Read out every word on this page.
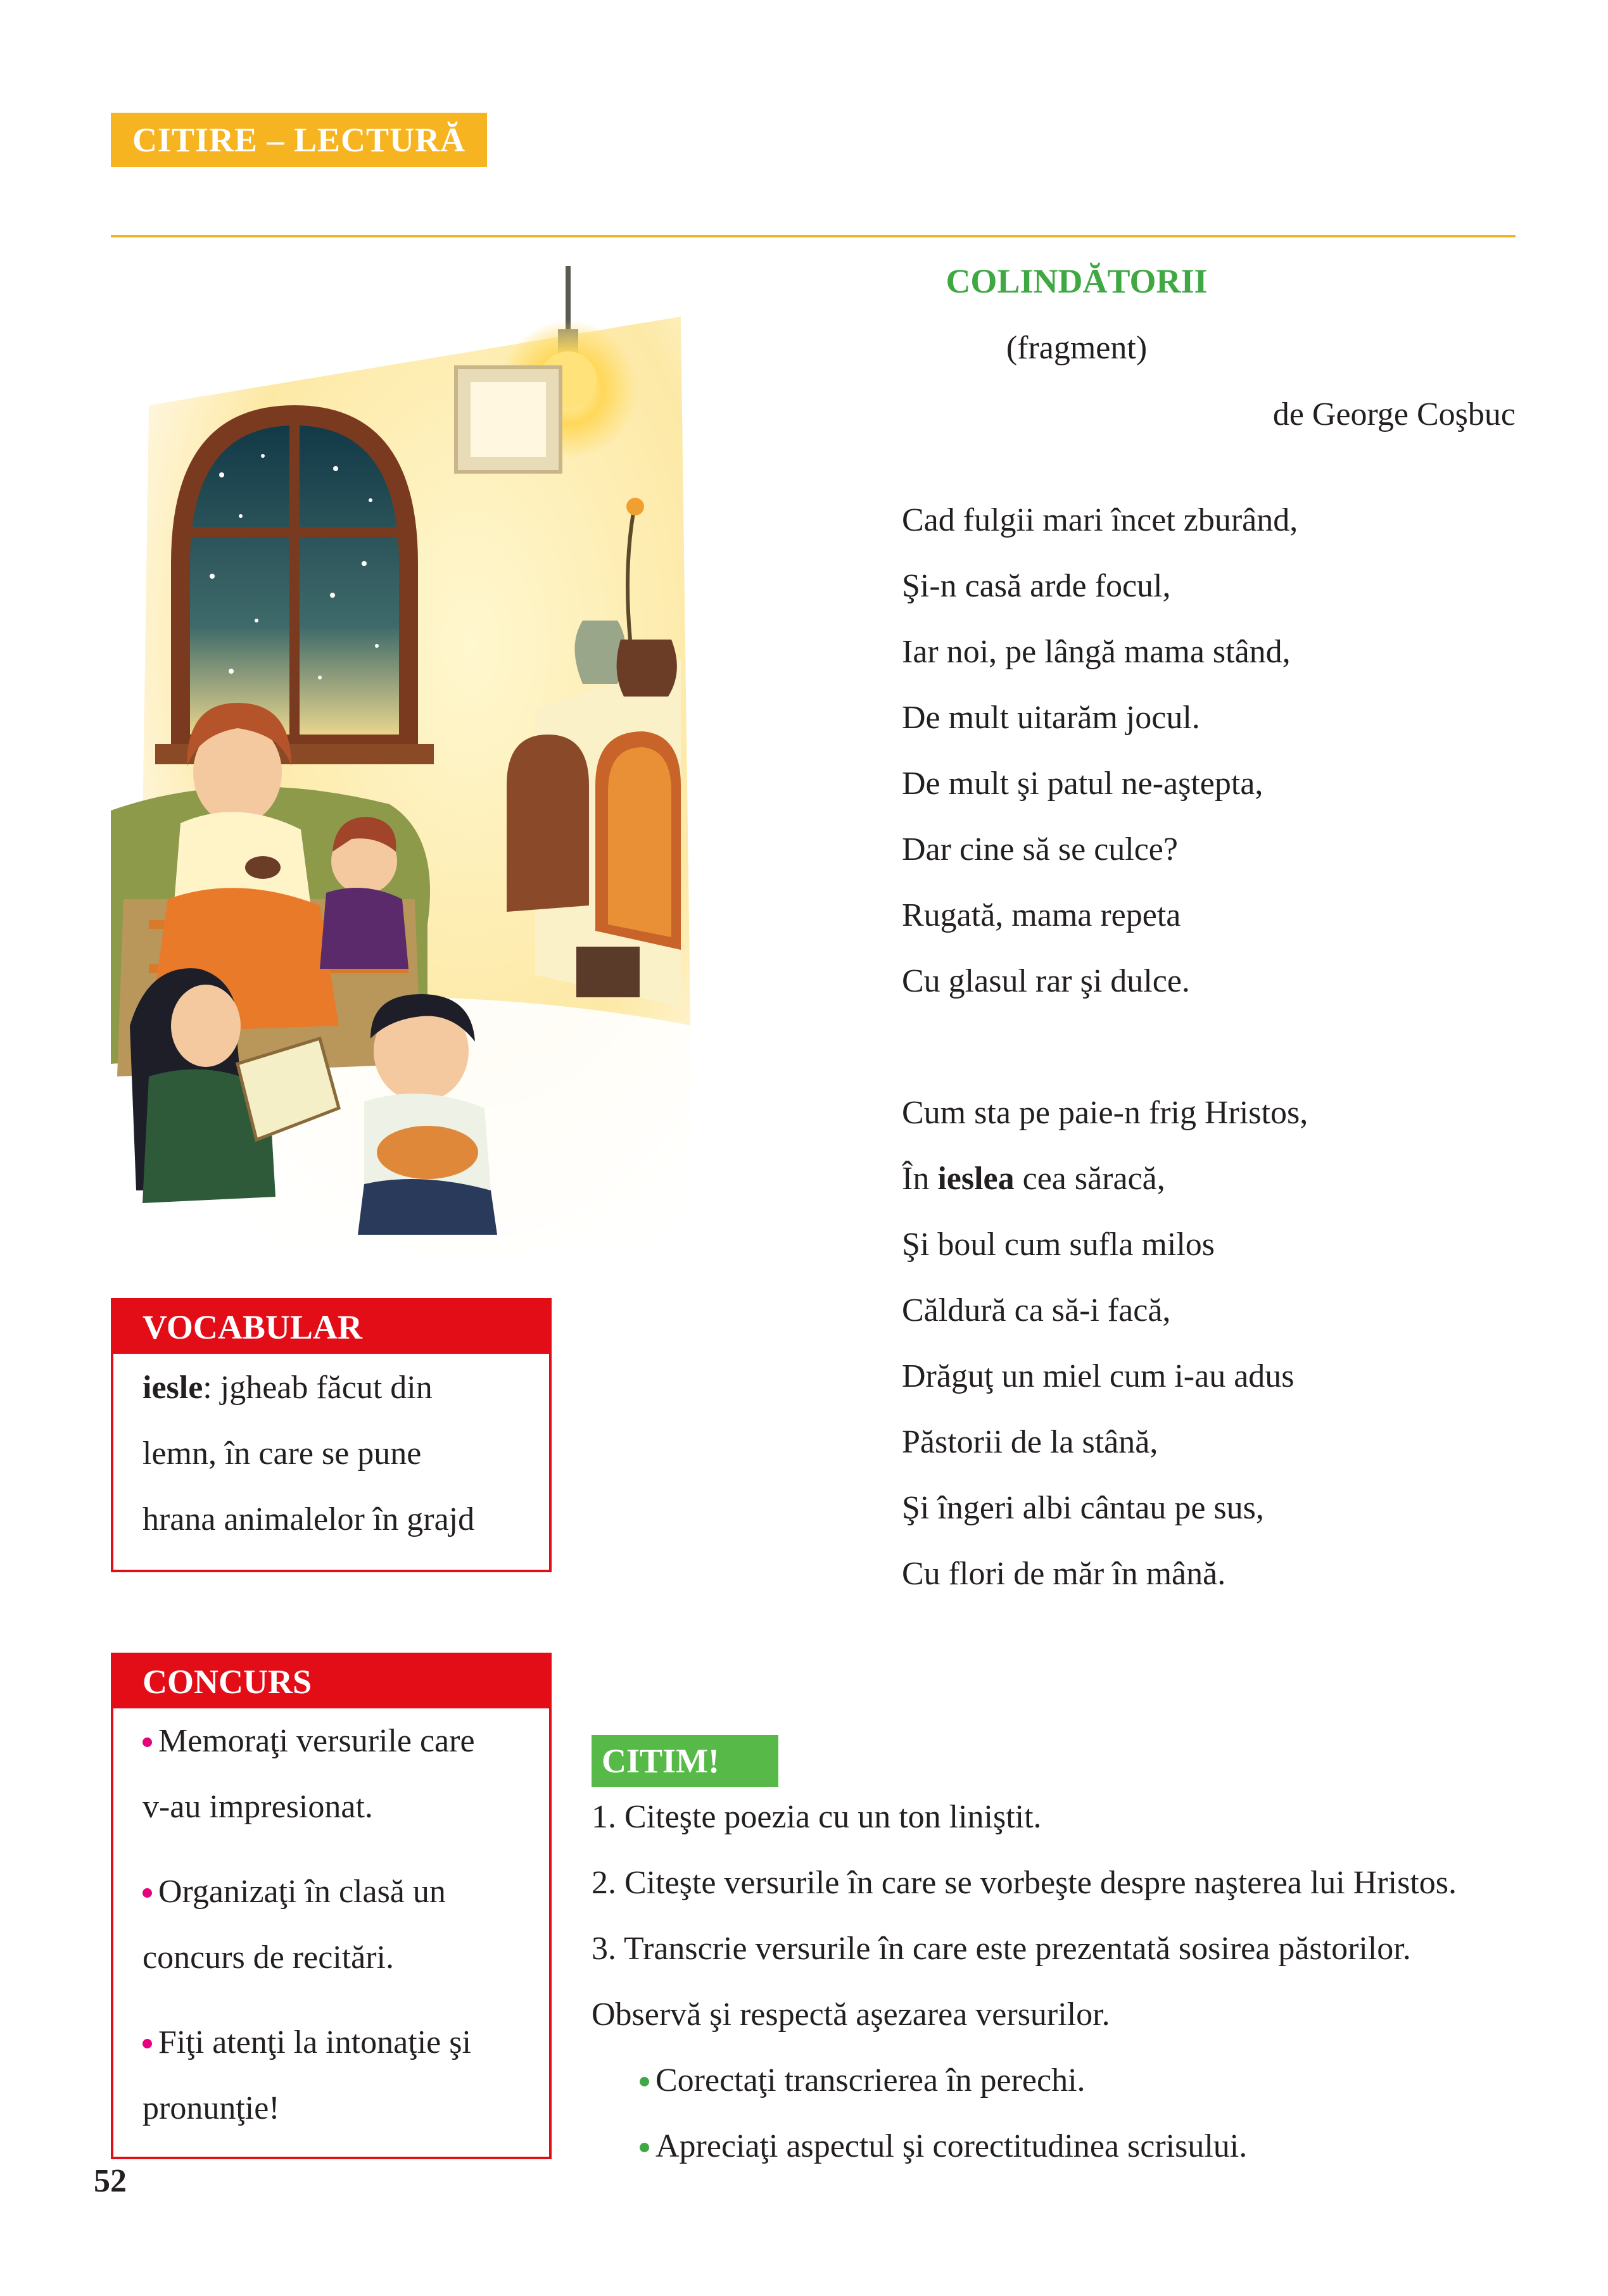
CITIRE – LECTURĂ
COLINDĂTORII
(fragment)
de George Coşbuc
Cad fulgii mari încet zburând,
Şi-n casă arde focul,
Iar noi, pe lângă mama stând,
De mult uitarăm jocul.
De mult şi patul ne-aştepta,
Dar cine să se culce?
Rugată, mama repeta
Cu glasul rar şi dulce.
Cum sta pe paie-n frig Hristos,
În ieslea cea săracă,
Şi boul cum sufla milos
Căldură ca să-i facă,
Drăguţ un miel cum i-au adus
Păstorii de la stână,
Şi îngeri albi cântau pe sus,
Cu flori de măr în mână.
VOCABULAR
iesle: jgheab făcut din
lemn, în care se pune
hrana animalelor în grajd
CONCURS
Memoraţi versurile care
v-au impresionat.
Organizaţi în clasă un
concurs de recitări.
Fiţi atenţi la intonaţie şi
pronunţie!
CITIM!
1. Citeşte poezia cu un ton liniştit.
2. Citeşte versurile în care se vorbeşte despre naşterea lui Hristos.
3. Transcrie versurile în care este prezentată sosirea păstorilor.
Observă şi respectă aşezarea versurilor.
Corectaţi transcrierea în perechi.
Apreciaţi aspectul şi corectitudinea scrisului.
52
